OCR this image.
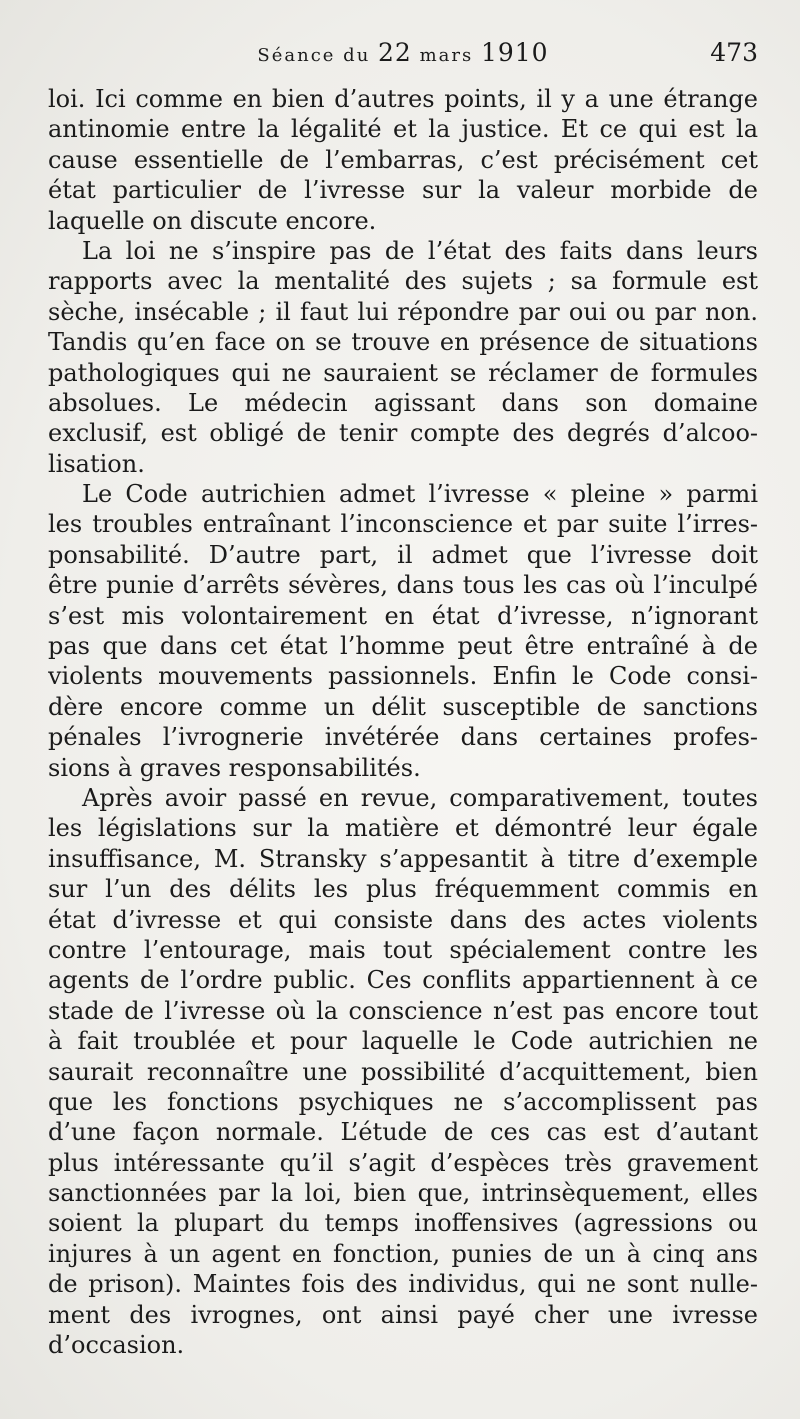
Séance du 22 mars 1910	473
loi. Ici comme en bien d’autres points, il y a une étrange
antinomie entre la légalité et la justice. Et ce qui est la
cause essentielle de l’embarras, c’est précisément cet
état particulier de l’ivresse sur la valeur morbide de
laquelle on discute encore.
La loi ne s’inspire pas de l’état des faits dans leurs
rapports avec la mentalité des sujets ; sa formule est
sèche, insécable ; il faut lui répondre par oui ou par non.
Tandis qu’en face on se trouve en présence de situations
pathologiques qui ne sauraient se réclamer de formules
absolues. Le médecin agissant dans son domaine
exclusif, est obligé de tenir compte des degrés d’alcoo-
lisation.
Le Code autrichien admet l’ivresse « pleine » parmi
les troubles entraînant l’inconscience et par suite l’irres-
ponsabilité. D’autre part, il admet que l’ivresse doit
être punie d’arrêts sévères, dans tous les cas où l’inculpé
s’est mis volontairement en état d’ivresse, n’ignorant
pas que dans cet état l’homme peut être entraîné à de
violents mouvements passionnels. Enfin le Code consi-
dère encore comme un délit susceptible de sanctions
pénales l’ivrognerie invétérée dans certaines profes-
sions à graves responsabilités.
Après avoir passé en revue, comparativement, toutes
les législations sur la matière et démontré leur égale
insuffisance, M. Stransky s’appesantit à titre d’exemple
sur l’un des délits les plus fréquemment commis en
état d’ivresse et qui consiste dans des actes violents
contre l’entourage, mais tout spécialement contre les
agents de l’ordre public. Ces conflits appartiennent à ce
stade de l’ivresse où la conscience n’est pas encore tout
à fait troublée et pour laquelle le Code autrichien ne
saurait reconnaître une possibilité d’acquittement, bien
que les fonctions psychiques ne s’accomplissent pas
d’une façon normale. L’étude de ces cas est d’autant
plus intéressante qu’il s’agit d’espèces très gravement
sanctionnées par la loi, bien que, intrinsèquement, elles
soient la plupart du temps inoffensives (agressions ou
injures à un agent en fonction, punies de un à cinq ans
de prison). Maintes fois des individus, qui ne sont nulle-
ment des ivrognes, ont ainsi payé cher une ivresse
d’occasion.
